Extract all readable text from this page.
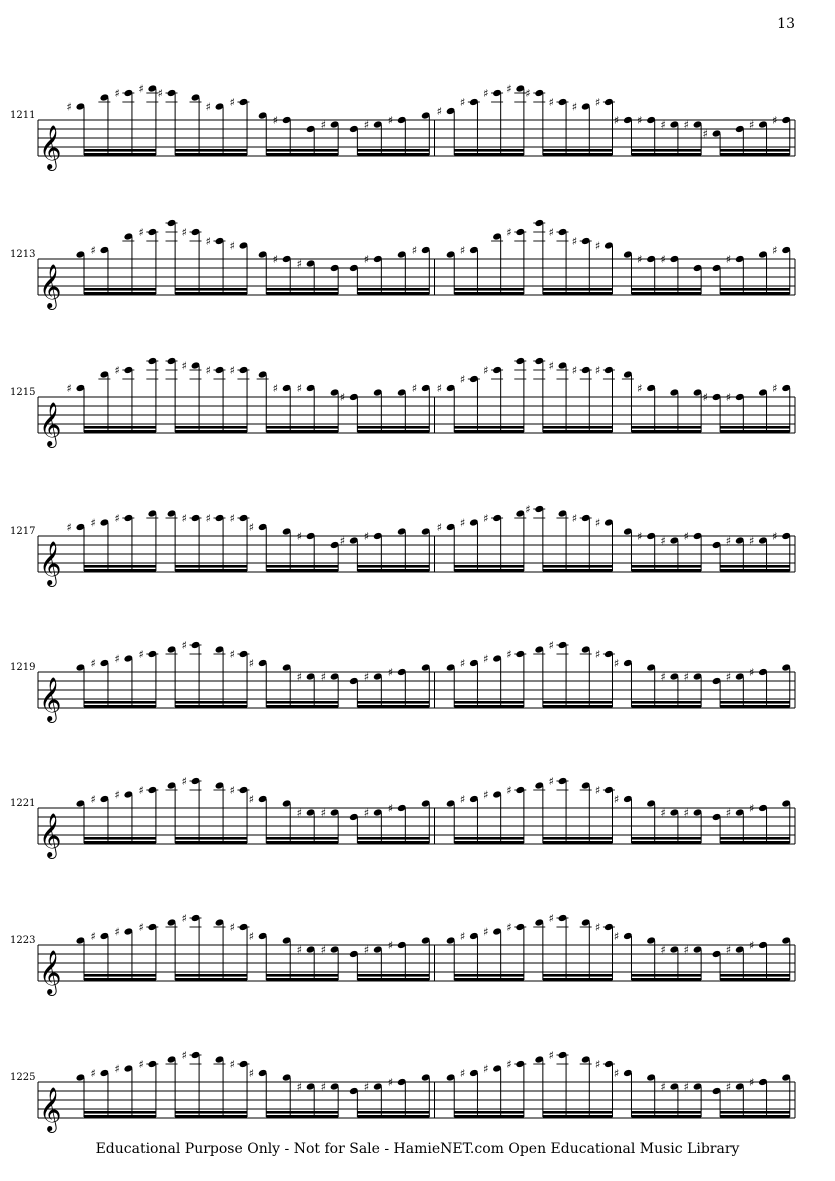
13
𝄞
1211
♯
♯ ♯ ♯
♯ ♯
♯	♯	♯ ♯
♯
♯
♯ ♯ ♯
♯ ♯ ♯
♯ ♯ ♯ ♯
♯
♯ ♯
𝄞
1213	♯
♯	♯
♯ ♯
♯ ♯	♯
♯	♯
♯	♯
♯ ♯
♯ ♯	♯
♯
𝄞
1215	♯
♯	♯ ♯ ♯
♯ ♯
♯
♯ ♯
♯
♯	♯ ♯ ♯
♯
♯ ♯
♯
𝄞
1217	♯ ♯ ♯	♯ ♯ ♯
♯
♯	♯ ♯
♯ ♯ ♯
♯
♯ ♯
♯ ♯ ♯	♯ ♯ ♯
𝄞
1219	♯ ♯ ♯
♯
♯
♯
♯ ♯	♯ ♯
♯ ♯ ♯
♯
♯
♯
♯ ♯	♯ ♯
𝄞
1221	♯ ♯ ♯
♯
♯
♯
♯ ♯	♯ ♯
♯ ♯ ♯
♯
♯
♯
♯ ♯	♯ ♯
𝄞
1223	♯ ♯ ♯
♯
♯
♯
♯ ♯	♯ ♯
♯ ♯ ♯
♯
♯
♯
♯ ♯	♯ ♯
𝄞
1225	♯ ♯ ♯
♯
♯
♯
♯ ♯	♯ ♯
♯ ♯ ♯
♯
♯
♯
♯ ♯	♯ ♯
Educational Purpose Only - Not for Sale - HamieNET.com Open Educational Music Library
